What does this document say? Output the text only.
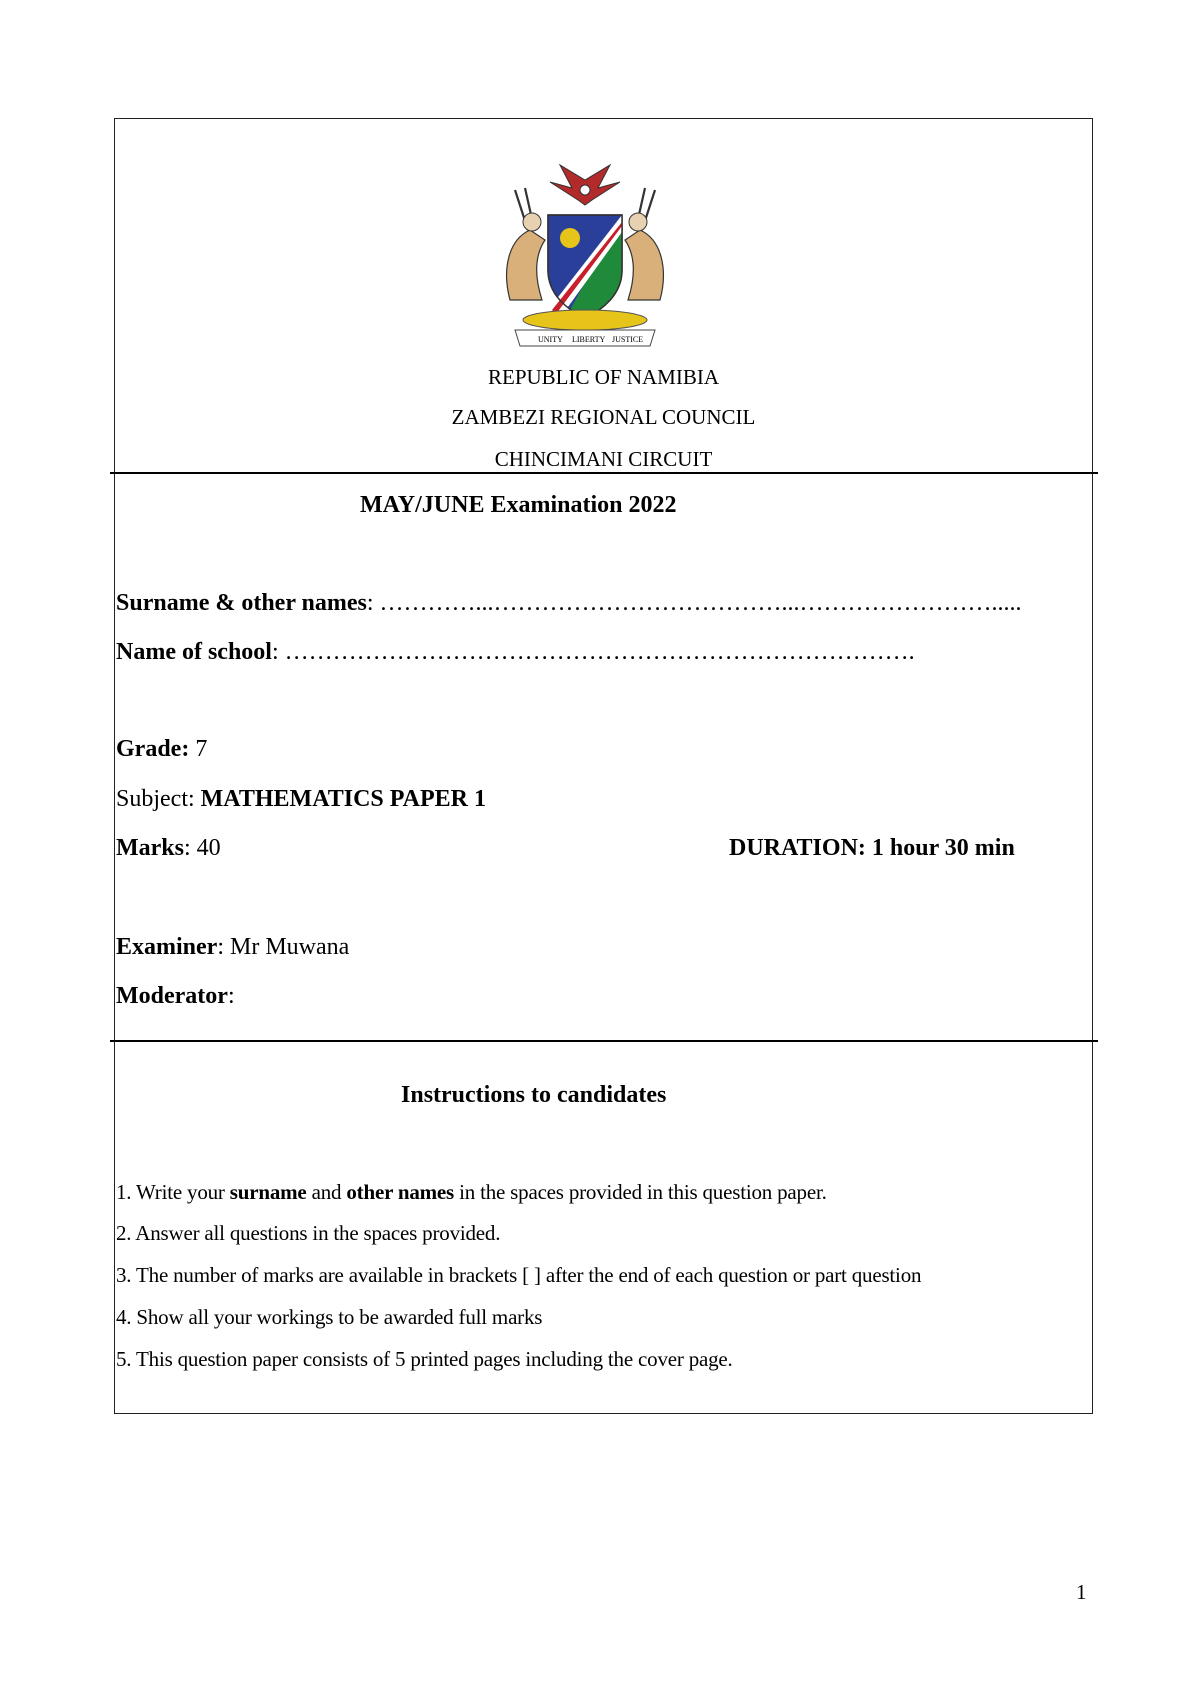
UNITY LIBERTY JUSTICE
REPUBLIC OF NAMIBIA
ZAMBEZI REGIONAL COUNCIL
CHINCIMANI CIRCUIT
MAY/JUNE Examination 2022
Surname & other names: …………...………………………………...…………………….....
Name of school: …………………………………………………………………….
Grade: 7
Subject: MATHEMATICS PAPER 1
Marks: 40	DURATION: 1 hour 30 min
Examiner: Mr Muwana
Moderator:
Instructions to candidates
1. Write your surname and other names in the spaces provided in this question paper.
2. Answer all questions in the spaces provided.
3. The number of marks are available in brackets [ ] after the end of each question or part question
4. Show all your workings to be awarded full marks
5. This question paper consists of 5 printed pages including the cover page.
1
